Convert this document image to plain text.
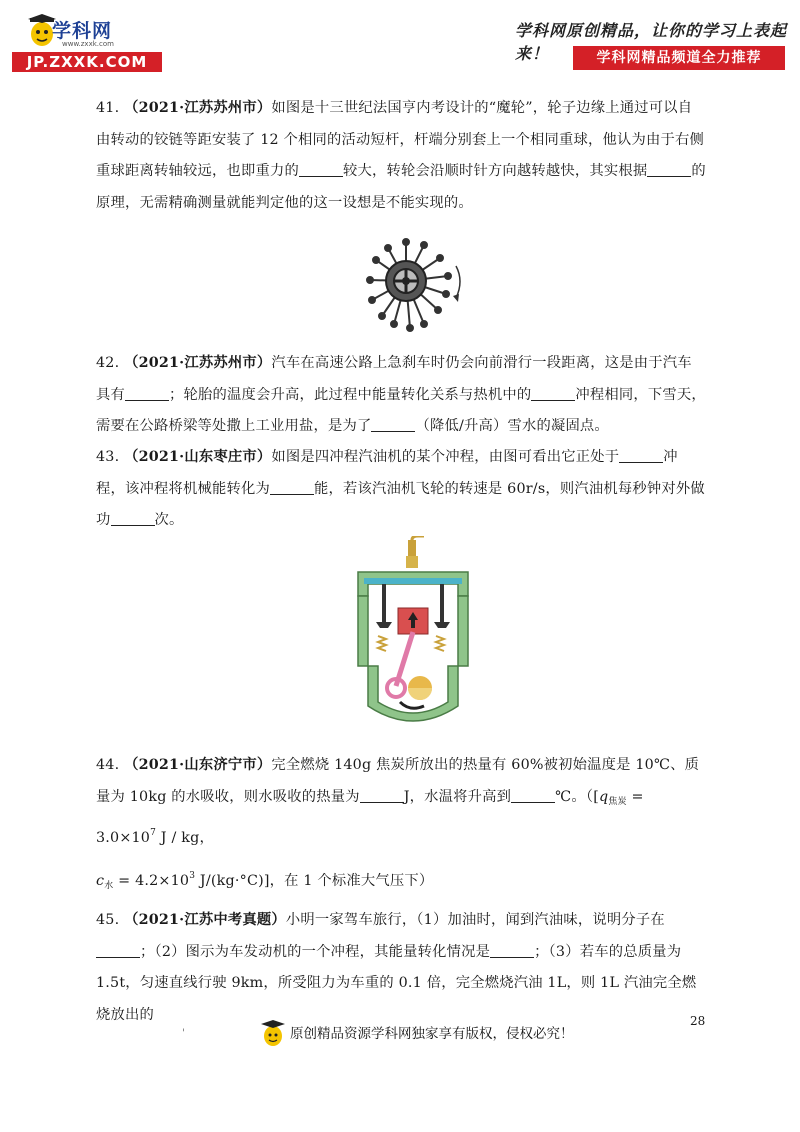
学科网
www.zxxk.com
JP.ZXXK.COM
学科网原创精品，让你的学习上表起来！	学科网精品频道全力推荐
41. （2021·江苏苏州市）如图是十三世纪法国亨内考设计的“魔轮”，轮子边缘上通过可以自由转动的铰链等距安装了 12 个相同的活动短杆，杆端分别套上一个相同重球，他认为由于右侧重球距离转轴较远，也即重力的	较大，转轮会沿顺时针方向越转越快，其实根据	的原理，无需精确测量就能判定他的这一设想是不能实现的。
42. （2021·江苏苏州市）汽车在高速公路上急刹车时仍会向前滑行一段距离，这是由于汽车具有	；轮胎的温度会升高，此过程中能量转化关系与热机中的	冲程相同，下雪天，需要在公路桥梁等处撒上工业用盐，是为了	（降低/升高）雪水的凝固点。
43. （2021·山东枣庄市）如图是四冲程汽油机的某个冲程，由图可看出它正处于	冲程，该冲程将机械能转化为	能，若该汽油机飞轮的转速是 60r/s，则汽油机每秒钟对外做功	次。
44. （2021·山东济宁市）完全燃烧 140g 焦炭所放出的热量有 60%被初始温度是 10℃、质量为 10kg 的水吸收，则水吸收的热量为	J，水温将升高到	℃。（[$q_{焦炭} = 3.0\times 10^7$ J / kg，
$c_水 = 4.2\times 10^3$ J/(kg·°C)]，在 1 个标准大气压下）
45. （2021·江苏中考真题）小明一家驾车旅行，（1）加油时，闻到汽油味，说明分子在；（2）图示为车发动机的一个冲程，其能量转化情况是	；（3）若车的总质量为 1.5t，匀速直线行驶 9km，所受阻力为车重的 0.1 倍，完全燃烧汽油 1L，则 1L 汽油完全燃烧放出的	28
'	原创精品资源学科网独家享有版权，侵权必究！
